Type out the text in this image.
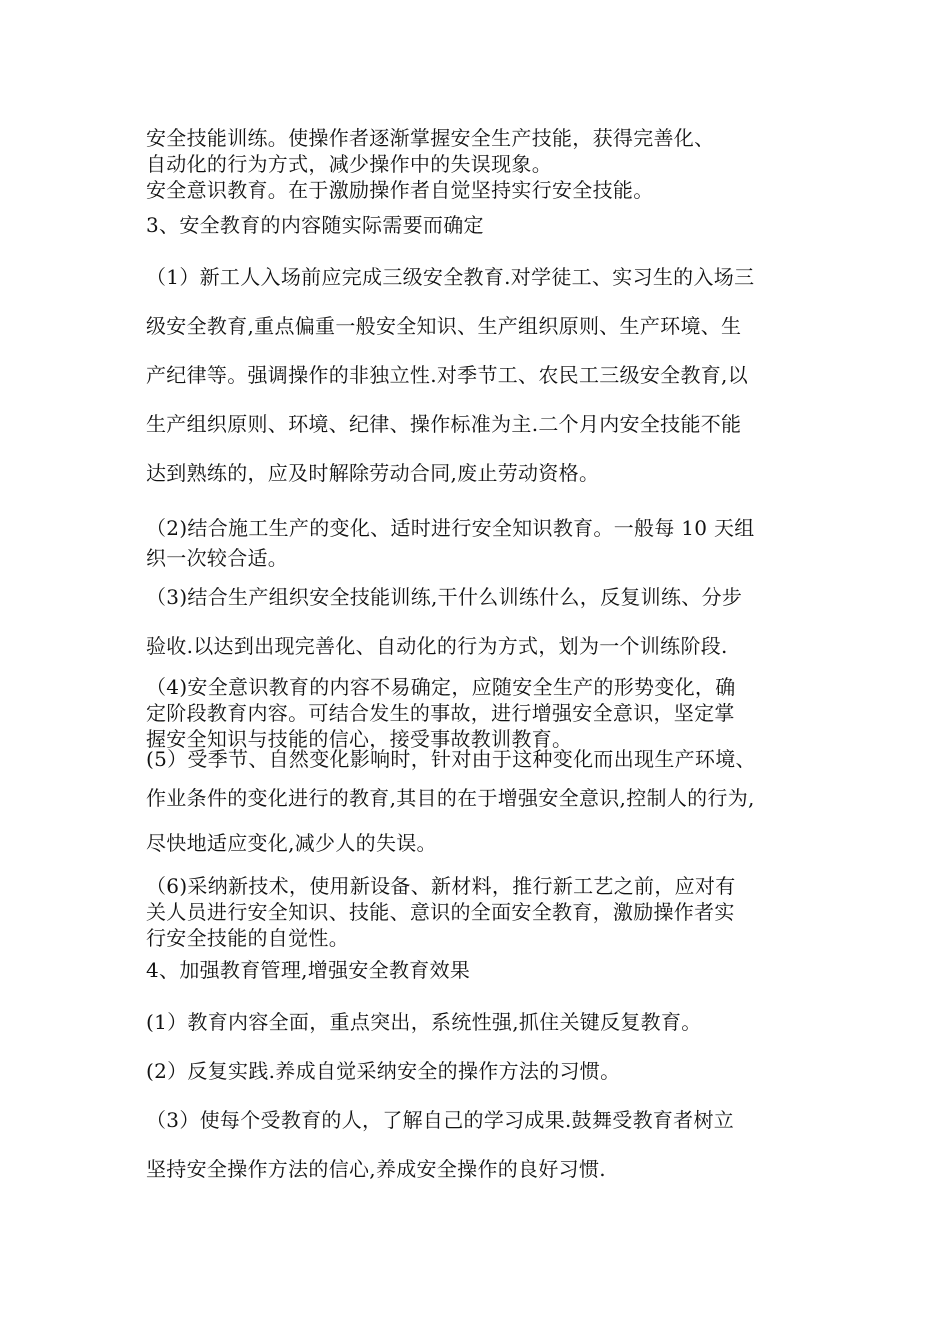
安全技能训练。使操作者逐渐掌握安全生产技能，获得完善化、
自动化的行为方式，减少操作中的失误现象。
安全意识教育。在于激励操作者自觉坚持实行安全技能。
3、安全教育的内容随实际需要而确定
（1）新工人入场前应完成三级安全教育.对学徒工、实习生的入场三
级安全教育,重点偏重一般安全知识、生产组织原则、生产环境、生
产纪律等。强调操作的非独立性.对季节工、农民工三级安全教育,以
生产组织原则、环境、纪律、操作标准为主.二个月内安全技能不能
达到熟练的，应及时解除劳动合同,废止劳动资格。
（2)结合施工生产的变化、适时进行安全知识教育。一般每 10 天组
织一次较合适。
（3)结合生产组织安全技能训练,干什么训练什么，反复训练、分步
验收.以达到出现完善化、自动化的行为方式，划为一个训练阶段.
（4)安全意识教育的内容不易确定，应随安全生产的形势变化，确
定阶段教育内容。可结合发生的事故，进行增强安全意识，坚定掌
握安全知识与技能的信心，接受事故教训教育。
(5）受季节、自然变化影响时，针对由于这种变化而出现生产环境、
作业条件的变化进行的教育,其目的在于增强安全意识,控制人的行为,
尽快地适应变化,减少人的失误。
（6)采纳新技术，使用新设备、新材料，推行新工艺之前，应对有
关人员进行安全知识、技能、意识的全面安全教育，激励操作者实
行安全技能的自觉性。
4、加强教育管理,增强安全教育效果
(1）教育内容全面，重点突出，系统性强,抓住关键反复教育。
(2）反复实践.养成自觉采纳安全的操作方法的习惯。
（3）使每个受教育的人，了解自己的学习成果.鼓舞受教育者树立
坚持安全操作方法的信心,养成安全操作的良好习惯.
